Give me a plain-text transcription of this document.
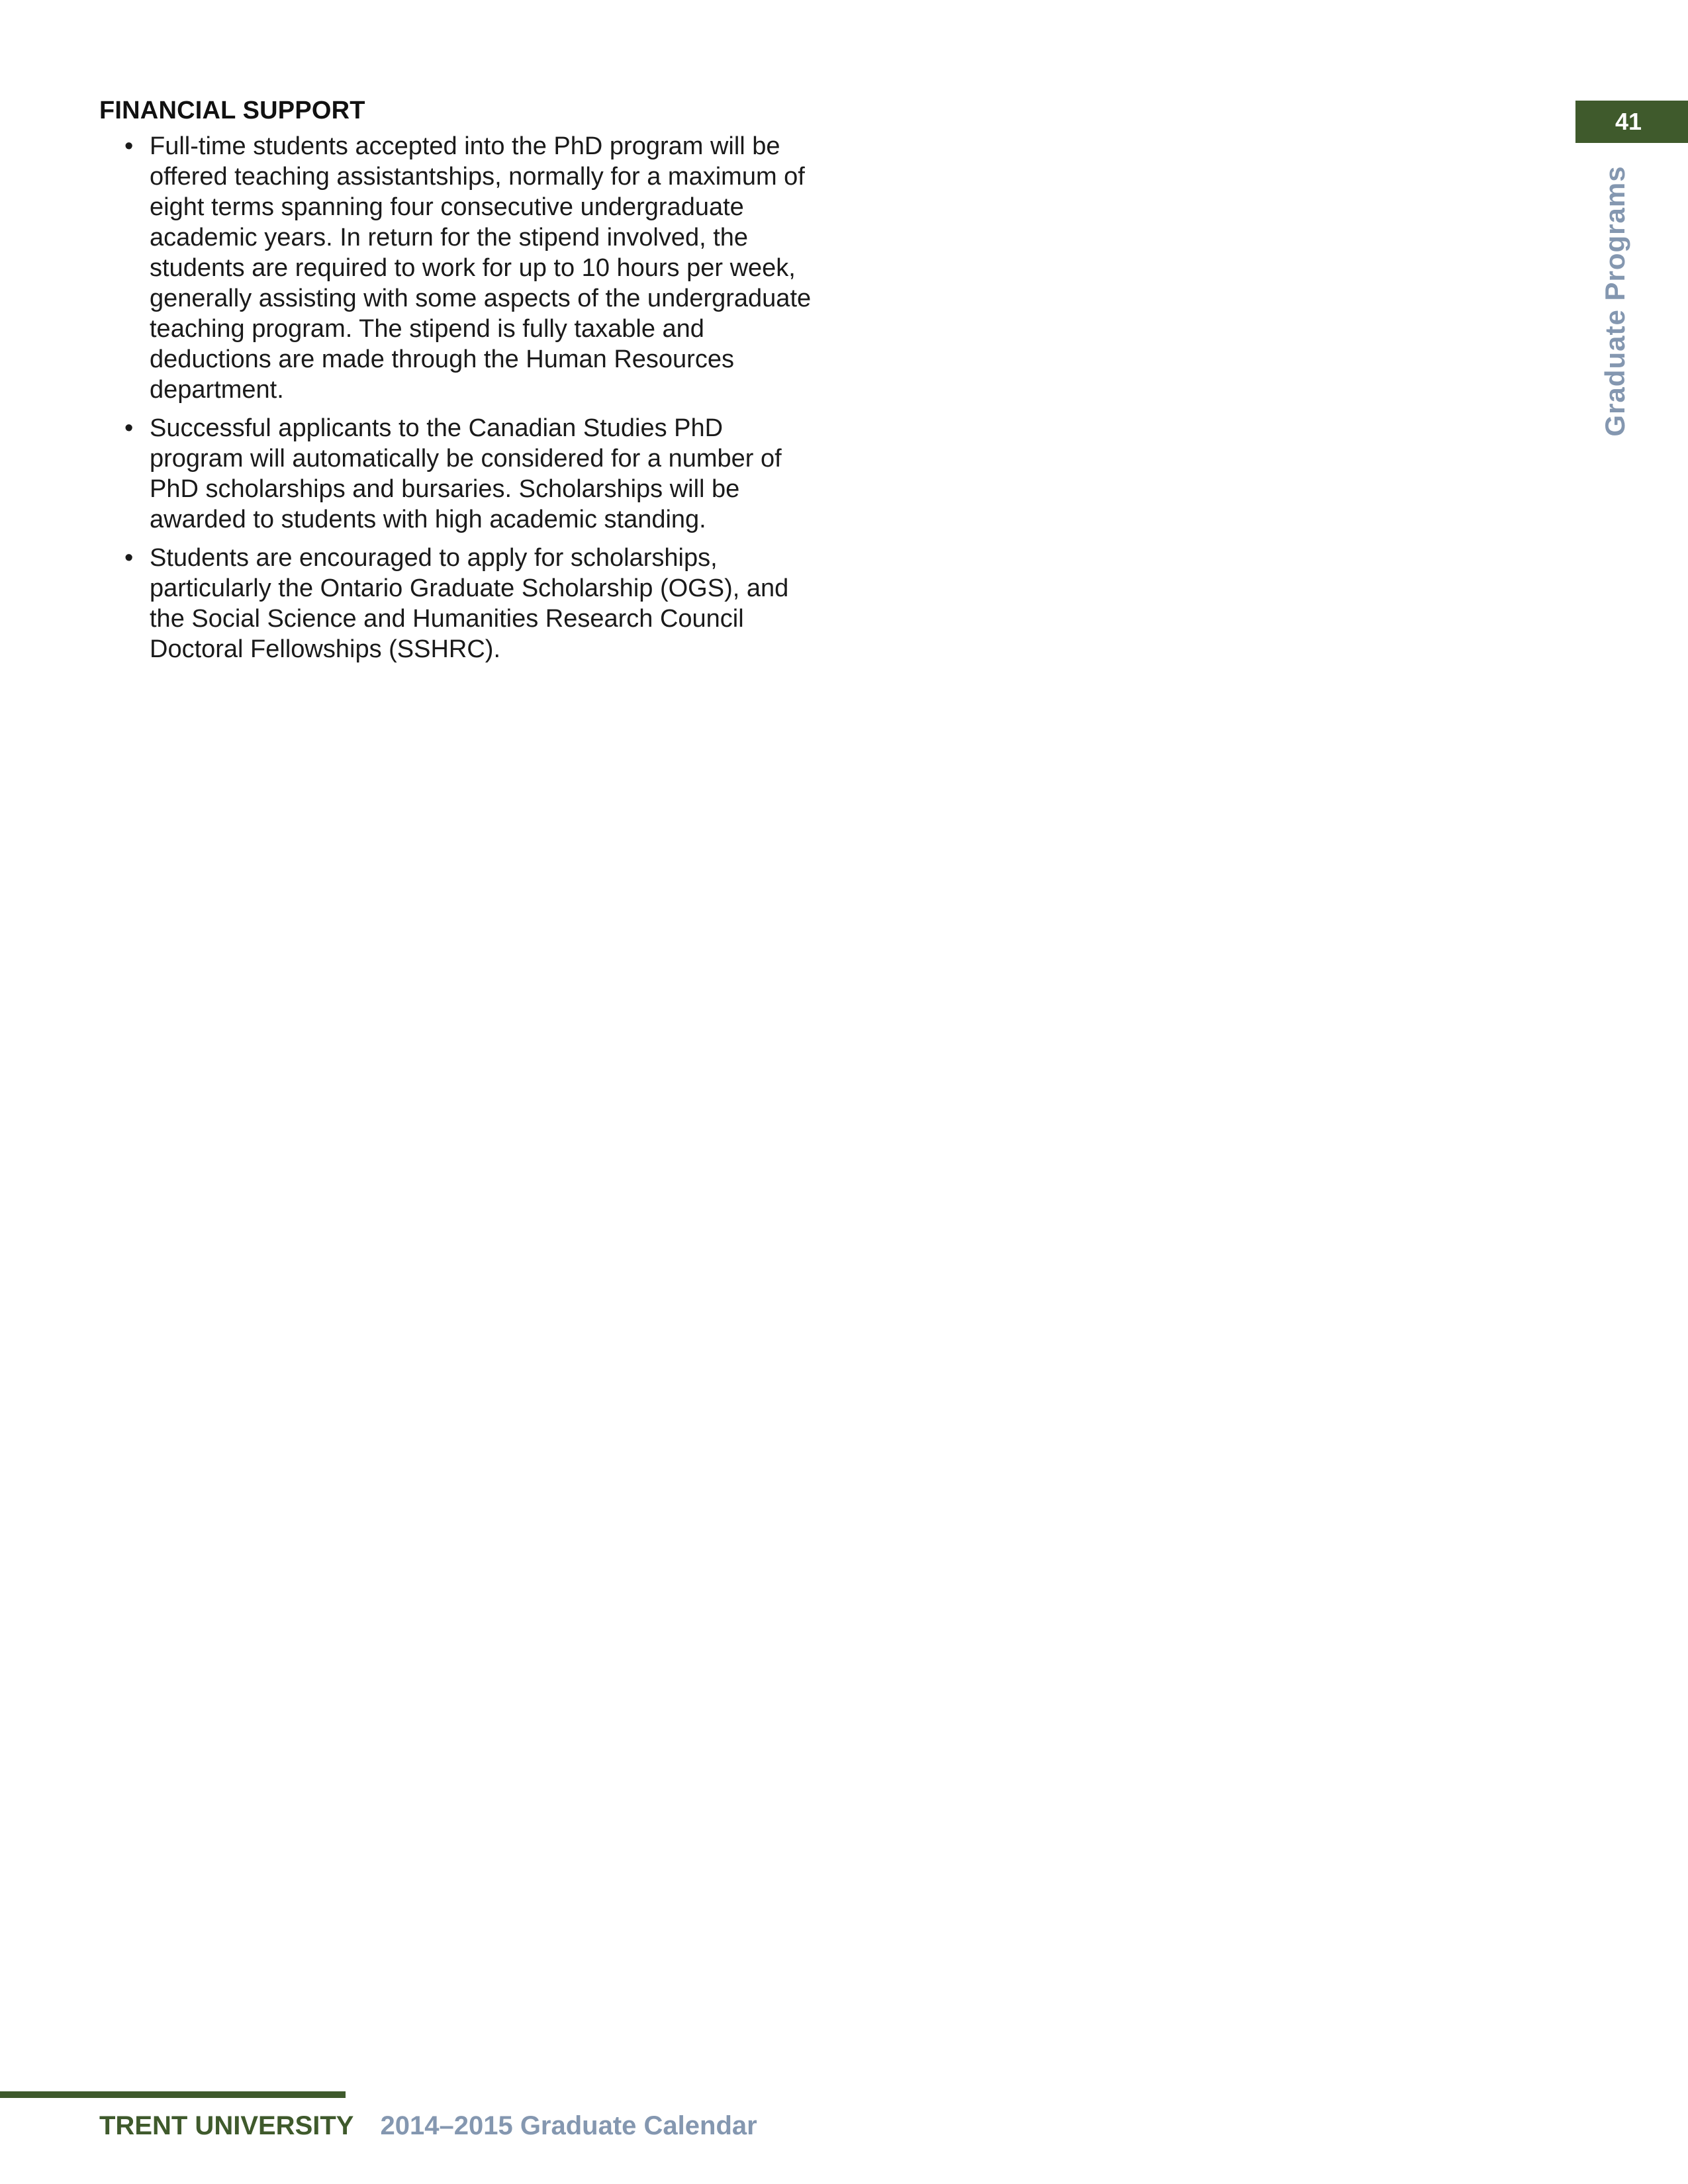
41
Graduate Programs
FINANCIAL SUPPORT
• Full-time students accepted into the PhD program will be offered teaching assistantships, normally for a maximum of eight terms spanning four consecutive undergraduate academic years. In return for the stipend involved, the students are required to work for up to 10 hours per week, generally assisting with some aspects of the undergraduate teaching program. The stipend is fully taxable and deductions are made through the Human Resources department.
• Successful applicants to the Canadian Studies PhD program will automatically be considered for a number of PhD scholarships and bursaries. Scholarships will be awarded to students with high academic standing.
• Students are encouraged to apply for scholarships, particularly the Ontario Graduate Scholarship (OGS), and the Social Science and Humanities Research Council Doctoral Fellowships (SSHRC).
TRENT UNIVERSITY 2014–2015 Graduate Calendar
